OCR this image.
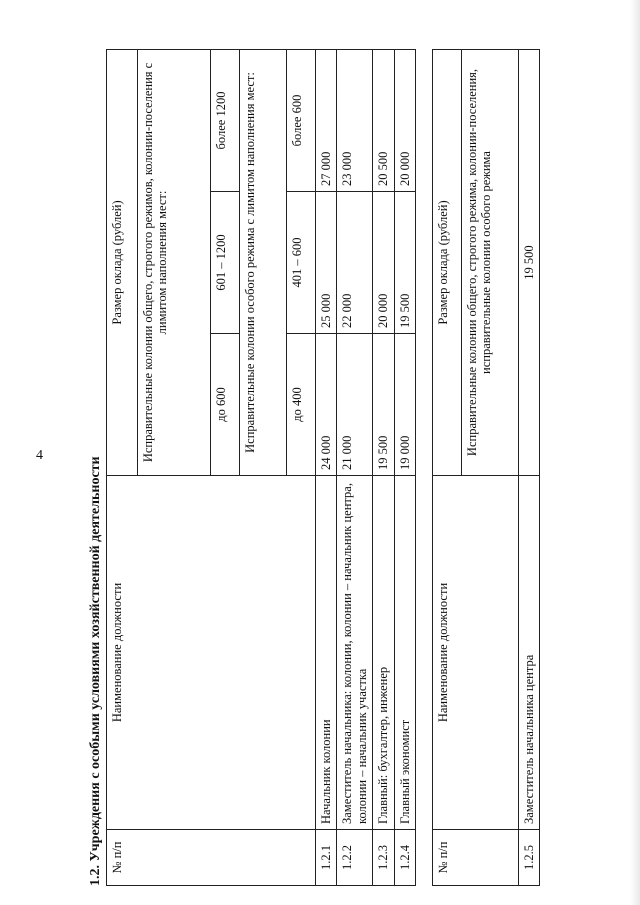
4
1.2. Учреждения с особыми условиями хозяйственной деятельности № п/п	Наименование должности	Размер оклада (рублей)		
		Исправительные колонии общего, строгого режимов, колонии-поселения с лимитом наполнения мест:		
		до 600	601 – 1200	более 1200
		Исправительные колонии особого режима с лимитом наполнения мест:		
		до 400	401 – 600	более 600
1.2.1	Начальник колонии	24 000	25 000	27 000
1.2.2	Заместитель начальника: колонии, колонии – начальник центра, колонии – начальник участка	21 000	22 000	23 000
1.2.3	Главный: бухгалтер, инженер	19 500	20 000	20 500
1.2.4	Главный экономист	19 000	19 500	20 000
№ п/п	Наименование должности	Размер оклада (рублей)
		Исправительные колонии общего, строгого режима, колонии-поселения, исправительные колонии особого режима
1.2.5	Заместитель начальника центра	19 500
